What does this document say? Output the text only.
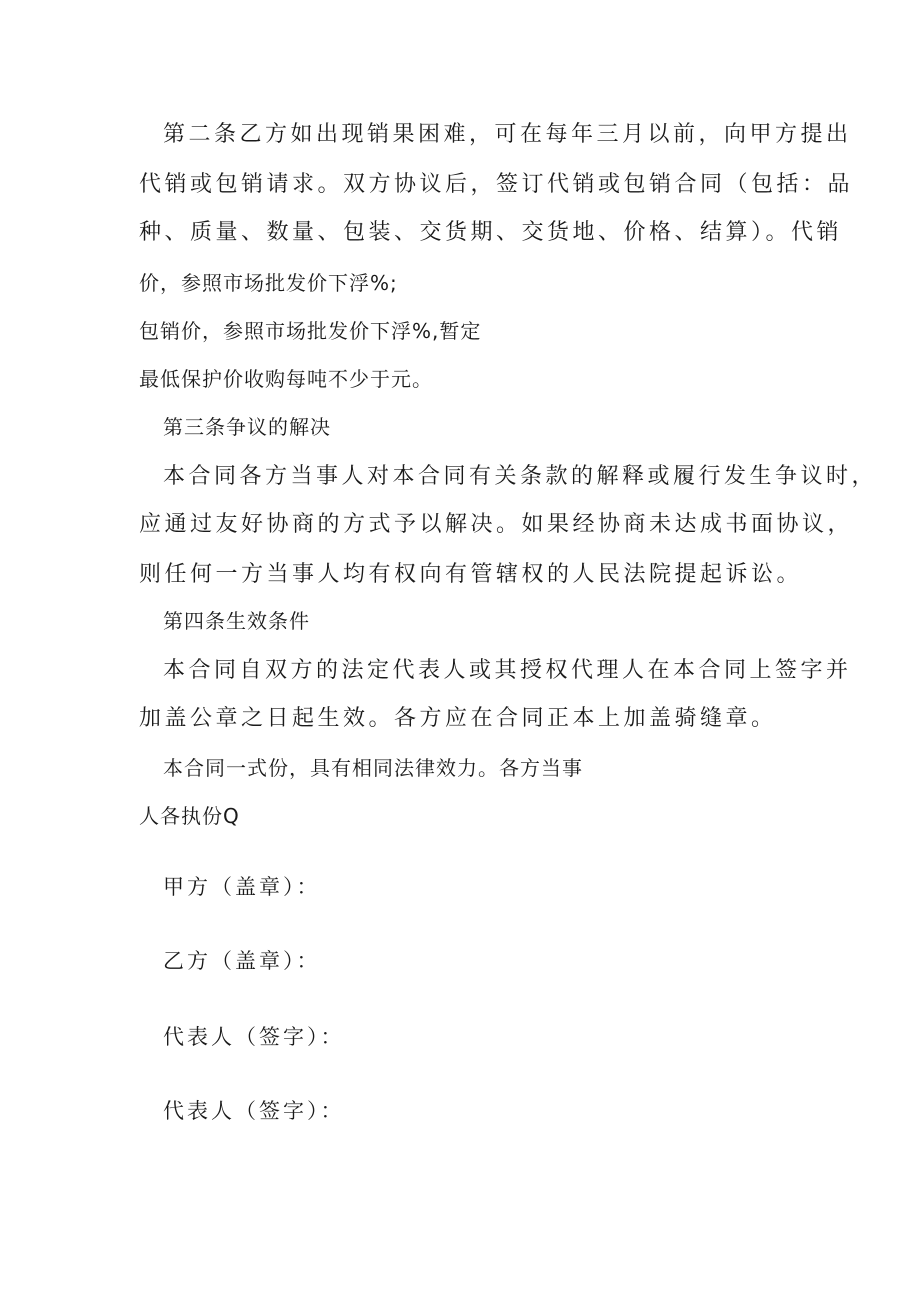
第二条乙方如出现销果困难，可在每年三月以前，向甲方提出
代销或包销请求。双方协议后，签订代销或包销合同（包括：品
种、质量、数量、包装、交货期、交货地、价格、结算）。代销
价，参照市场批发价下浮%;
包销价，参照市场批发价下浮%,暂定
最低保护价收购每吨不少于元。
第三条争议的解决
本合同各方当事人对本合同有关条款的解释或履行发生争议时，
应通过友好协商的方式予以解决。如果经协商未达成书面协议，
则任何一方当事人均有权向有管辖权的人民法院提起诉讼。
第四条生效条件
本合同自双方的法定代表人或其授权代理人在本合同上签字并
加盖公章之日起生效。各方应在合同正本上加盖骑缝章。
本合同一式份，具有相同法律效力。各方当事
人各执份Q
甲方（盖章）：
乙方（盖章）：
代表人（签字）：
代表人（签字）：
